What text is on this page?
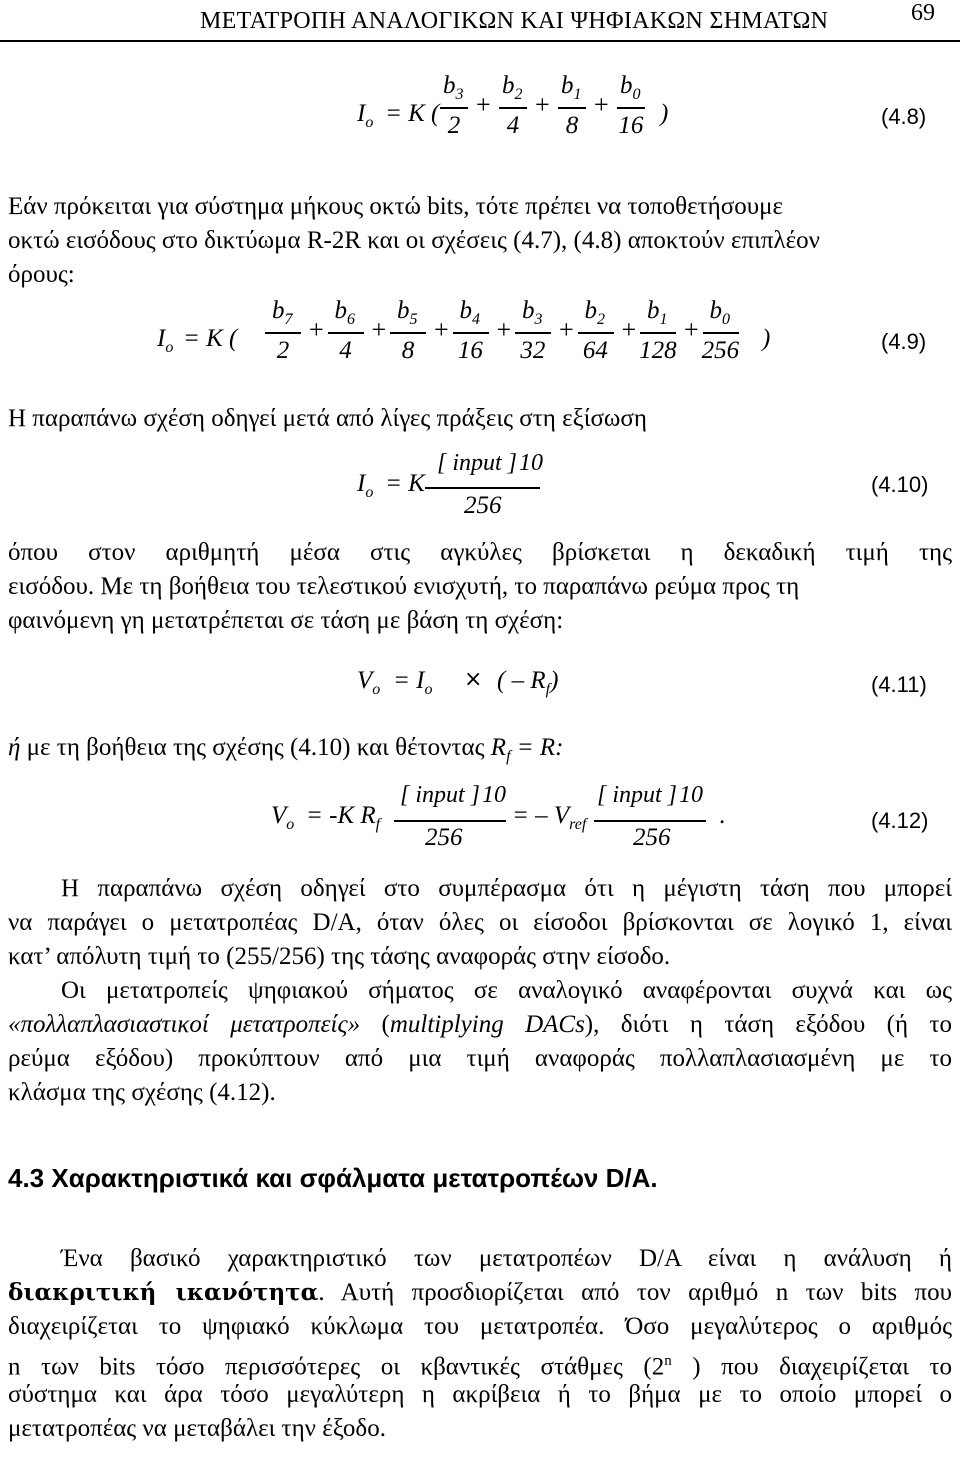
ΜΕΤΑΤΡΟΠΗ ΑΝΑΛΟΓΙΚΩΝ ΚΑΙ ΨΗΦΙΑΚΩΝ ΣΗΜΑΤΩΝ	69
$I_o = K$ (
$b_3$
2
+
$b_2$
4
+
$b_1$
8
+
$b_0$
16 )	(4.8)
Εάν πρόκειται για σύστημα μήκους οκτώ bits, τότε πρέπει να τοποθετήσουμε
οκτώ εισόδους στο δικτύωμα R-2R και οι σχέσεις (4.7), (4.8) αποκτούν επιπλέον
όρους:
$I_o = K$ (
$b_7$
2
+
$b_6$
4
+
$b_5$
8
+
$b_4$
16
+
$b_3$
32
+
$b_2$
64
+
$b_1$
128
+
$b_0$
256 )	(4.9)
Η παραπάνω σχέση οδηγεί μετά από λίγες πράξεις στη εξίσωση
$I_o = K$
[ input ]10
256
(4.10)
όπου στον αριθμητή μέσα στις αγκύλες βρίσκεται η δεκαδική τιμή της
εισόδου. Με τη βοήθεια του τελεστικού ενισχυτή, το παραπάνω ρεύμα προς τη
φαινόμενη γη μετατρέπεται σε τάση με βάση τη σχέση:
$V_o = I_o$ × ( – $R_f$)	(4.11)
ή με τη βοήθεια της σχέσης (4.10) και θέτοντας $R_f = R$:
$V_o = -K$ $R_f$
[ input ]10
256
= – $V_{ref}$
[ input ]10
256
.	(4.12)
Η παραπάνω σχέση οδηγεί στο συμπέρασμα ότι η μέγιστη τάση που μπορεί
να παράγει ο μετατροπέας D/A, όταν όλες οι είσοδοι βρίσκονται σε λογικό 1, είναι
κατ’ απόλυτη τιμή το (255/256) της τάσης αναφοράς στην είσοδο.
Οι μετατροπείς ψηφιακού σήματος σε αναλογικό αναφέρονται συχνά και ως
«πολλαπλασιαστικοί μετατροπείς» (multiplying DACs), διότι η τάση εξόδου (ή το
ρεύμα εξόδου) προκύπτουν από μια τιμή αναφοράς πολλαπλασιασμένη με το
κλάσμα της σχέσης (4.12).
4.3 Χαρακτηριστικά και σφάλματα μετατροπέων D/A.
Ένα βασικό χαρακτηριστικό των μετατροπέων D/A είναι η ανάλυση ή
διακριτική ικανότητα. Αυτή προσδιορίζεται από τον αριθμό n των bits που
διαχειρίζεται το ψηφιακό κύκλωμα του μετατροπέα. Όσο μεγαλύτερος ο αριθμός
n των bits τόσο περισσότερες οι κβαντικές στάθμες (2$^n$ ) που διαχειρίζεται το
σύστημα και άρα τόσο μεγαλύτερη η ακρίβεια ή το βήμα με το οποίο μπορεί ο
μετατροπέας να μεταβάλει την έξοδο.
